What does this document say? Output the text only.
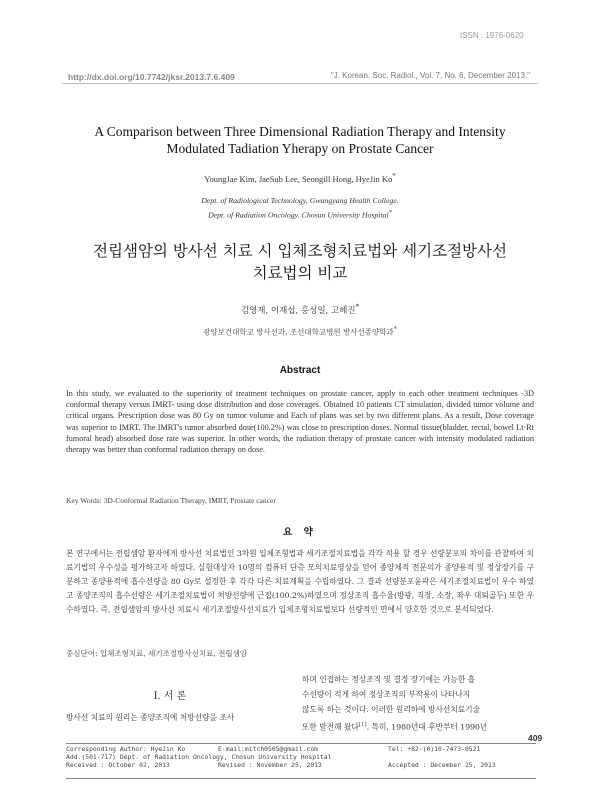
ISSN : 1976-0620
http://dx.doi.org/10.7742/jksr.2013.7.6.409	"J. Korean. Soc. Radiol., Vol. 7, No. 6, December 2013."
A Comparison between Three Dimensional Radiation Therapy and Intensity
Modulated Tadiation Yherapy on Prostate Cancer
YoungJae Kim, JaeSub Lee, Seongill Hong, HyeJin Ko*
Dept. of Radiological Technology, Gwangyang Health College.
Dept. of Radiation Oncology, Chosun University Hospital*
전립샘암의 방사선 치료 시 입체조형치료법와 세기조절방사선
치료법의 비교
김영재, 이재섭, 홍성일, 고혜진*
광양보건대학교 방사선과, 조선대학교병원 방사선종양학과*
Abstract
In this study, we evaluated to the superiority of treatment techniques on prostate cancer, apply to each other treatment techniques -3D conformal therapy versus IMRT- using dose distribution and dose coverages. Obtained 10 patients CT simulation, divided tumor volume and critical organs. Prescription dose was 80 Gy on tumor volume and Each of plans was set by two different plans. As a result, Dose coverage was superior to IMRT. The IMRT's tumor absorbed dose(100.2%) was close to prescription doses. Normal tissue(bladder, rectal, bowel Lt·Rt fumoral head) absorbed dose rate was superior. In other words, the radiation therapy of prostate cancer with intensity modulated radiation therapy was better than conformal radiation therapy on dose.
Key Words: 3D-Conformal Radiation Therapy, IMRT, Prostate cancer
요 약
본 연구에서는 전립샘암 환자에게 방사선 치료법인 3차원 입체조형법과 세기조절치료법을 각각 적용 할 경우 선량분포의 차이를 관찰하여 치료기법의 우수성을 평가하고자 하였다. 실험대상자 10명의 컴퓨터 단층 모의치료영상을 얻어 종양체적 전문의가 종양용적 및 정상장기를 구분하고 종양용적에 흡수선량을 80 Gy로 설정한 후 각각 다른 치료계획을 수립하였다. 그 결과 선량분포윤곽은 세기조절치료법이 우수 하였고 종양조직의 흡수선량은 세기조절치료법이 처방선량에 근접(100.2%)하였으며 정상조직 흡수율(방광, 직장, 소장, 좌우 대퇴골두) 또한 우수하였다. 즉, 전립샘암의 방사선 치료시 세기조절방사선치료가 입체조형치료법보다 선량적인 면에서 양호한 것으로 분석되었다.
중심단어: 입체조형치료, 세기조절방사선치료, 전립샘암
Ⅰ. 서 론
방사선 치료의 원리는 종양조직에 처방선량을 조사
하며 인접하는 정상조직 및 결정 장기에는 가능한 흡
수선량이 적게 하여 정상조직의 부작용이 나타나지
않도록 하는 것이다. 이러한 원리하에 방사선치료기술
또한 발전해 왔다[1]. 특히, 1980년대 후반부터 1990년
409
Corresponding Author: HyeJin Ko	E-mail:mitch0505@gmail.com	Tel: +82-(0)10-7473-0521
Add.(501-717) Dept. of Radiation Oncology, Chosun University Hospital
Received : October 02, 2013	Revised : November 25, 2013	Accepted : December 25, 2013
